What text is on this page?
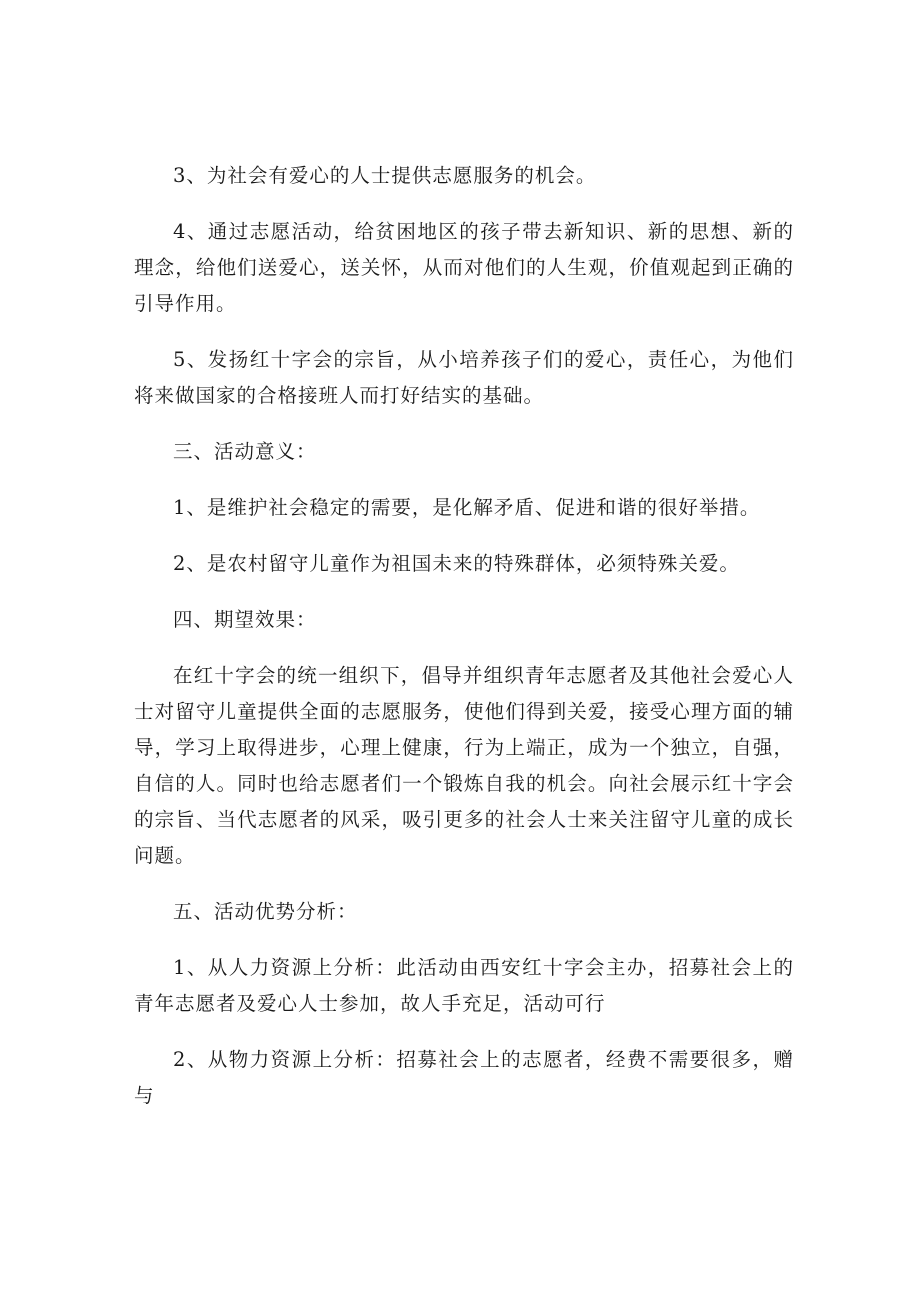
3、为社会有爱心的人士提供志愿服务的机会。

4、通过志愿活动，给贫困地区的孩子带去新知识、新的思想、新的理念，给他们送爱心，送关怀，从而对他们的人生观，价值观起到正确的引导作用。

5、发扬红十字会的宗旨，从小培养孩子们的爱心，责任心，为他们将来做国家的合格接班人而打好结实的基础。

三、活动意义：

1、是维护社会稳定的需要，是化解矛盾、促进和谐的很好举措。

2、是农村留守儿童作为祖国未来的特殊群体，必须特殊关爱。

四、期望效果：

在红十字会的统一组织下，倡导并组织青年志愿者及其他社会爱心人士对留守儿童提供全面的志愿服务，使他们得到关爱，接受心理方面的辅导，学习上取得进步，心理上健康，行为上端正，成为一个独立，自强，自信的人。同时也给志愿者们一个锻炼自我的机会。向社会展示红十字会的宗旨、当代志愿者的风采，吸引更多的社会人士来关注留守儿童的成长问题。

五、活动优势分析：

1、从人力资源上分析：此活动由西安红十字会主办，招募社会上的青年志愿者及爱心人士参加，故人手充足，活动可行

2、从物力资源上分析：招募社会上的志愿者，经费不需要很多，赠与
